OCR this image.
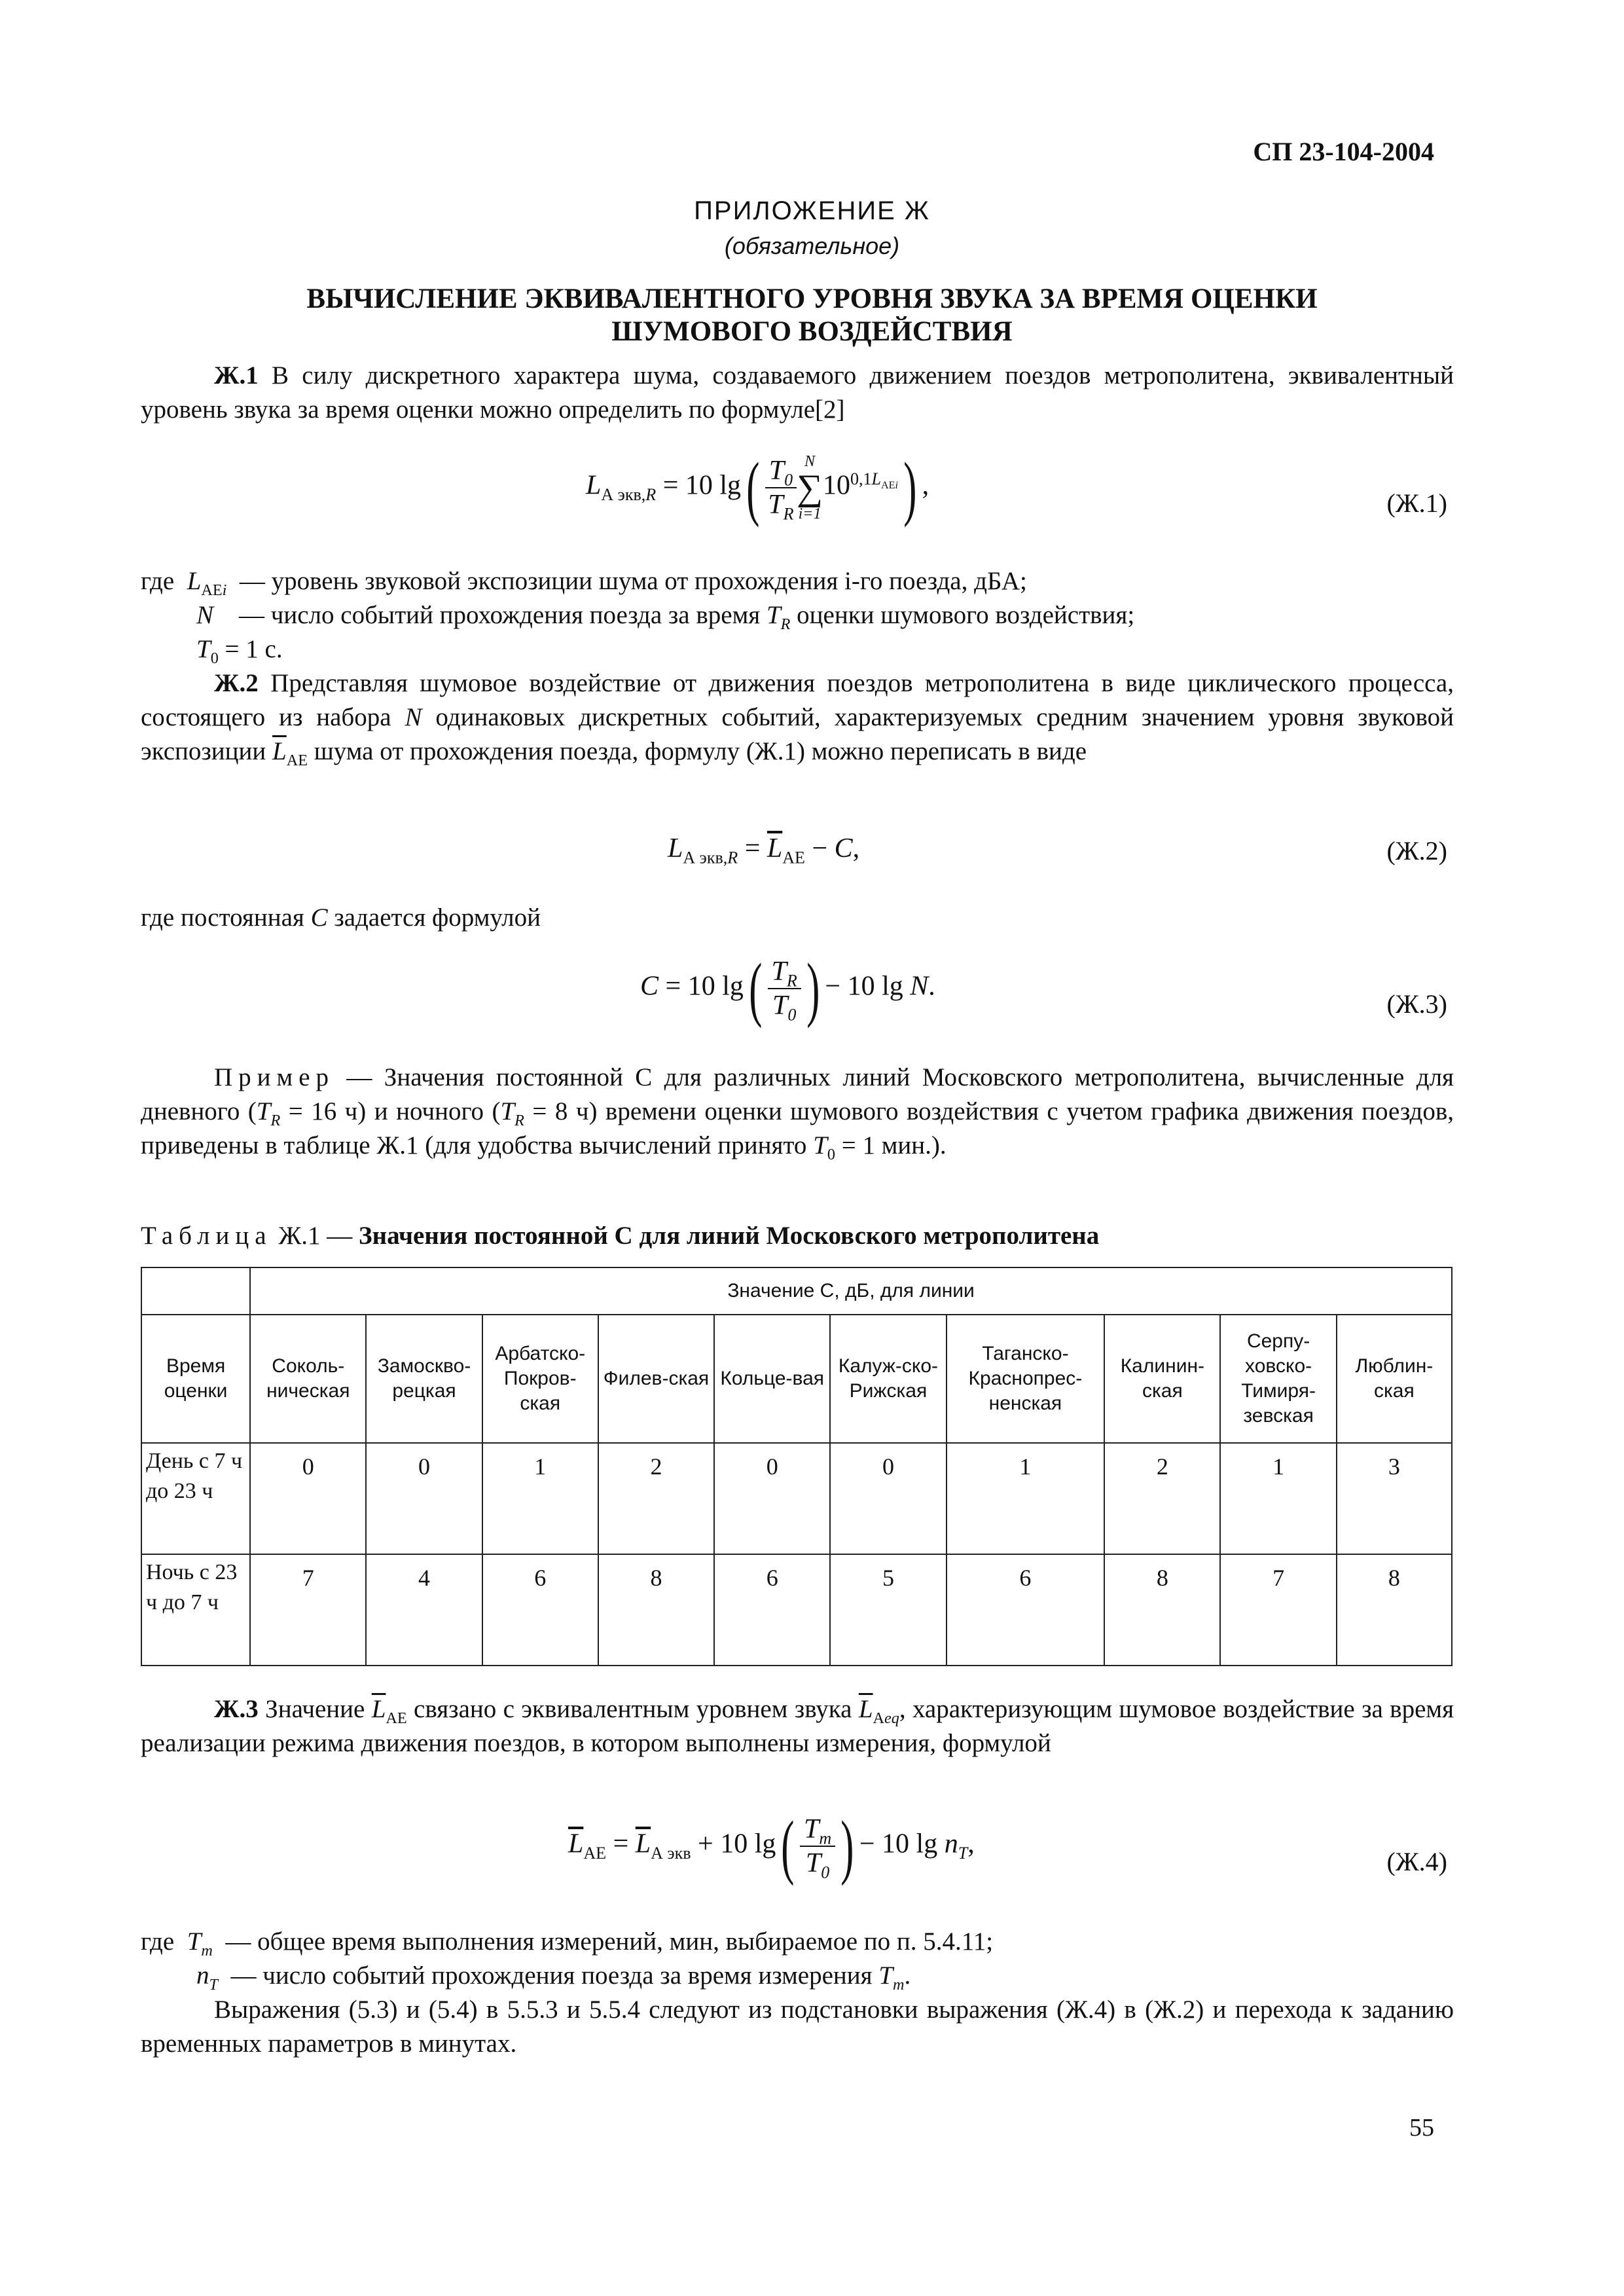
СП 23-104-2004
ПРИЛОЖЕНИЕ Ж
(обязательное)
ВЫЧИСЛЕНИЕ ЭКВИВАЛЕНТНОГО УРОВНЯ ЗВУКА ЗА ВРЕМЯ ОЦЕНКИ
ШУМОВОГО ВОЗДЕЙСТВИЯ

Ж.1 В силу дискретного характера шума, создаваемого движением поездов метрополитена, эквивалентный уровень звука за время оценки можно определить по формуле[2]

$L_{А экв,R} = 10$ $\lg( \frac{T_0}{T_R}$ N
∑
$i=110^{0,1L_{AEi}}$) ,
(Ж.1)
где  $L_{AEi}$ — уровень звуковой экспозиции шума от прохождения i-го поезда, дБА;
N — число событий прохождения поезда за время $T_R$ оценки шумового воздействия;
$T_0 = 1$ с.

Ж.2 Представляя шумовое воздействие от движения поездов метрополитена в виде циклического процесса, состоящего из набора N одинаковых дискретных событий, характеризуемых средним значением уровня звуковой экспозиции $\overline{L}_{AE}$ шума от прохождения поезда, формулу (Ж.1) можно переписать в виде

$L_{А экв,R} = \overline{L}_{AE} - C$,	(Ж.2)
где постоянная C задается формулой
C = 10 $\lg( \frac{T_R}{T_0}$ ) − 10 lg N.
(Ж.3)

Пример — Значения постоянной С для различных линий Московского метрополитена, вычисленные для дневного ($T_R = 16$ ч) и ночного ($T_R = 8$ ч) времени оценки шумового воздействия с учетом графика движения поездов, приведены в таблице Ж.1 (для удобства вычислений принято $T_0 = 1$ мин.).

Таблица Ж.1 — Значения постоянной С для линий Московского метрополитена
	Значение С, дБ, для линии									
Время оценки	Соколь-ническая	Замоскво-рецкая	Арбатско-Покров-ская	Филев-ская	Кольце-вая	Калуж-ско-Рижская	Таганско-Краснопрес-ненская	Калинин-ская	Серпу-ховско-Тимиря-зевская	Люблин-ская
День с 7 ч до 23 ч	0	0	1	2	0	0	1	2	1	3
Ночь с 23 ч до 7 ч	7	4	6	8	6	5	6	8	7	8

Ж.3 Значение $\overline{L}_{AE}$ связано с эквивалентным уровнем звука $\overline{L}_{Aeq}$, характеризующим шумовое воздействие за время реализации режима движения поездов, в котором выполнены измерения, формулой

$\overline{L}_{AE} = \overline{L}_{А экв} + 10$ $\lg( \frac{T_m}{T_0}$ ) − 10 $\lg n_T$,
(Ж.4)
где  $T_m$ — общее время выполнения измерений, мин, выбираемое по п. 5.4.11;
$n_T$ — число событий прохождения поезда за время измерения $T_m$.

Выражения (5.3) и (5.4) в 5.5.3 и 5.5.4 следуют из подстановки выражения (Ж.4) в (Ж.2) и перехода к заданию временных параметров в минутах.

55
